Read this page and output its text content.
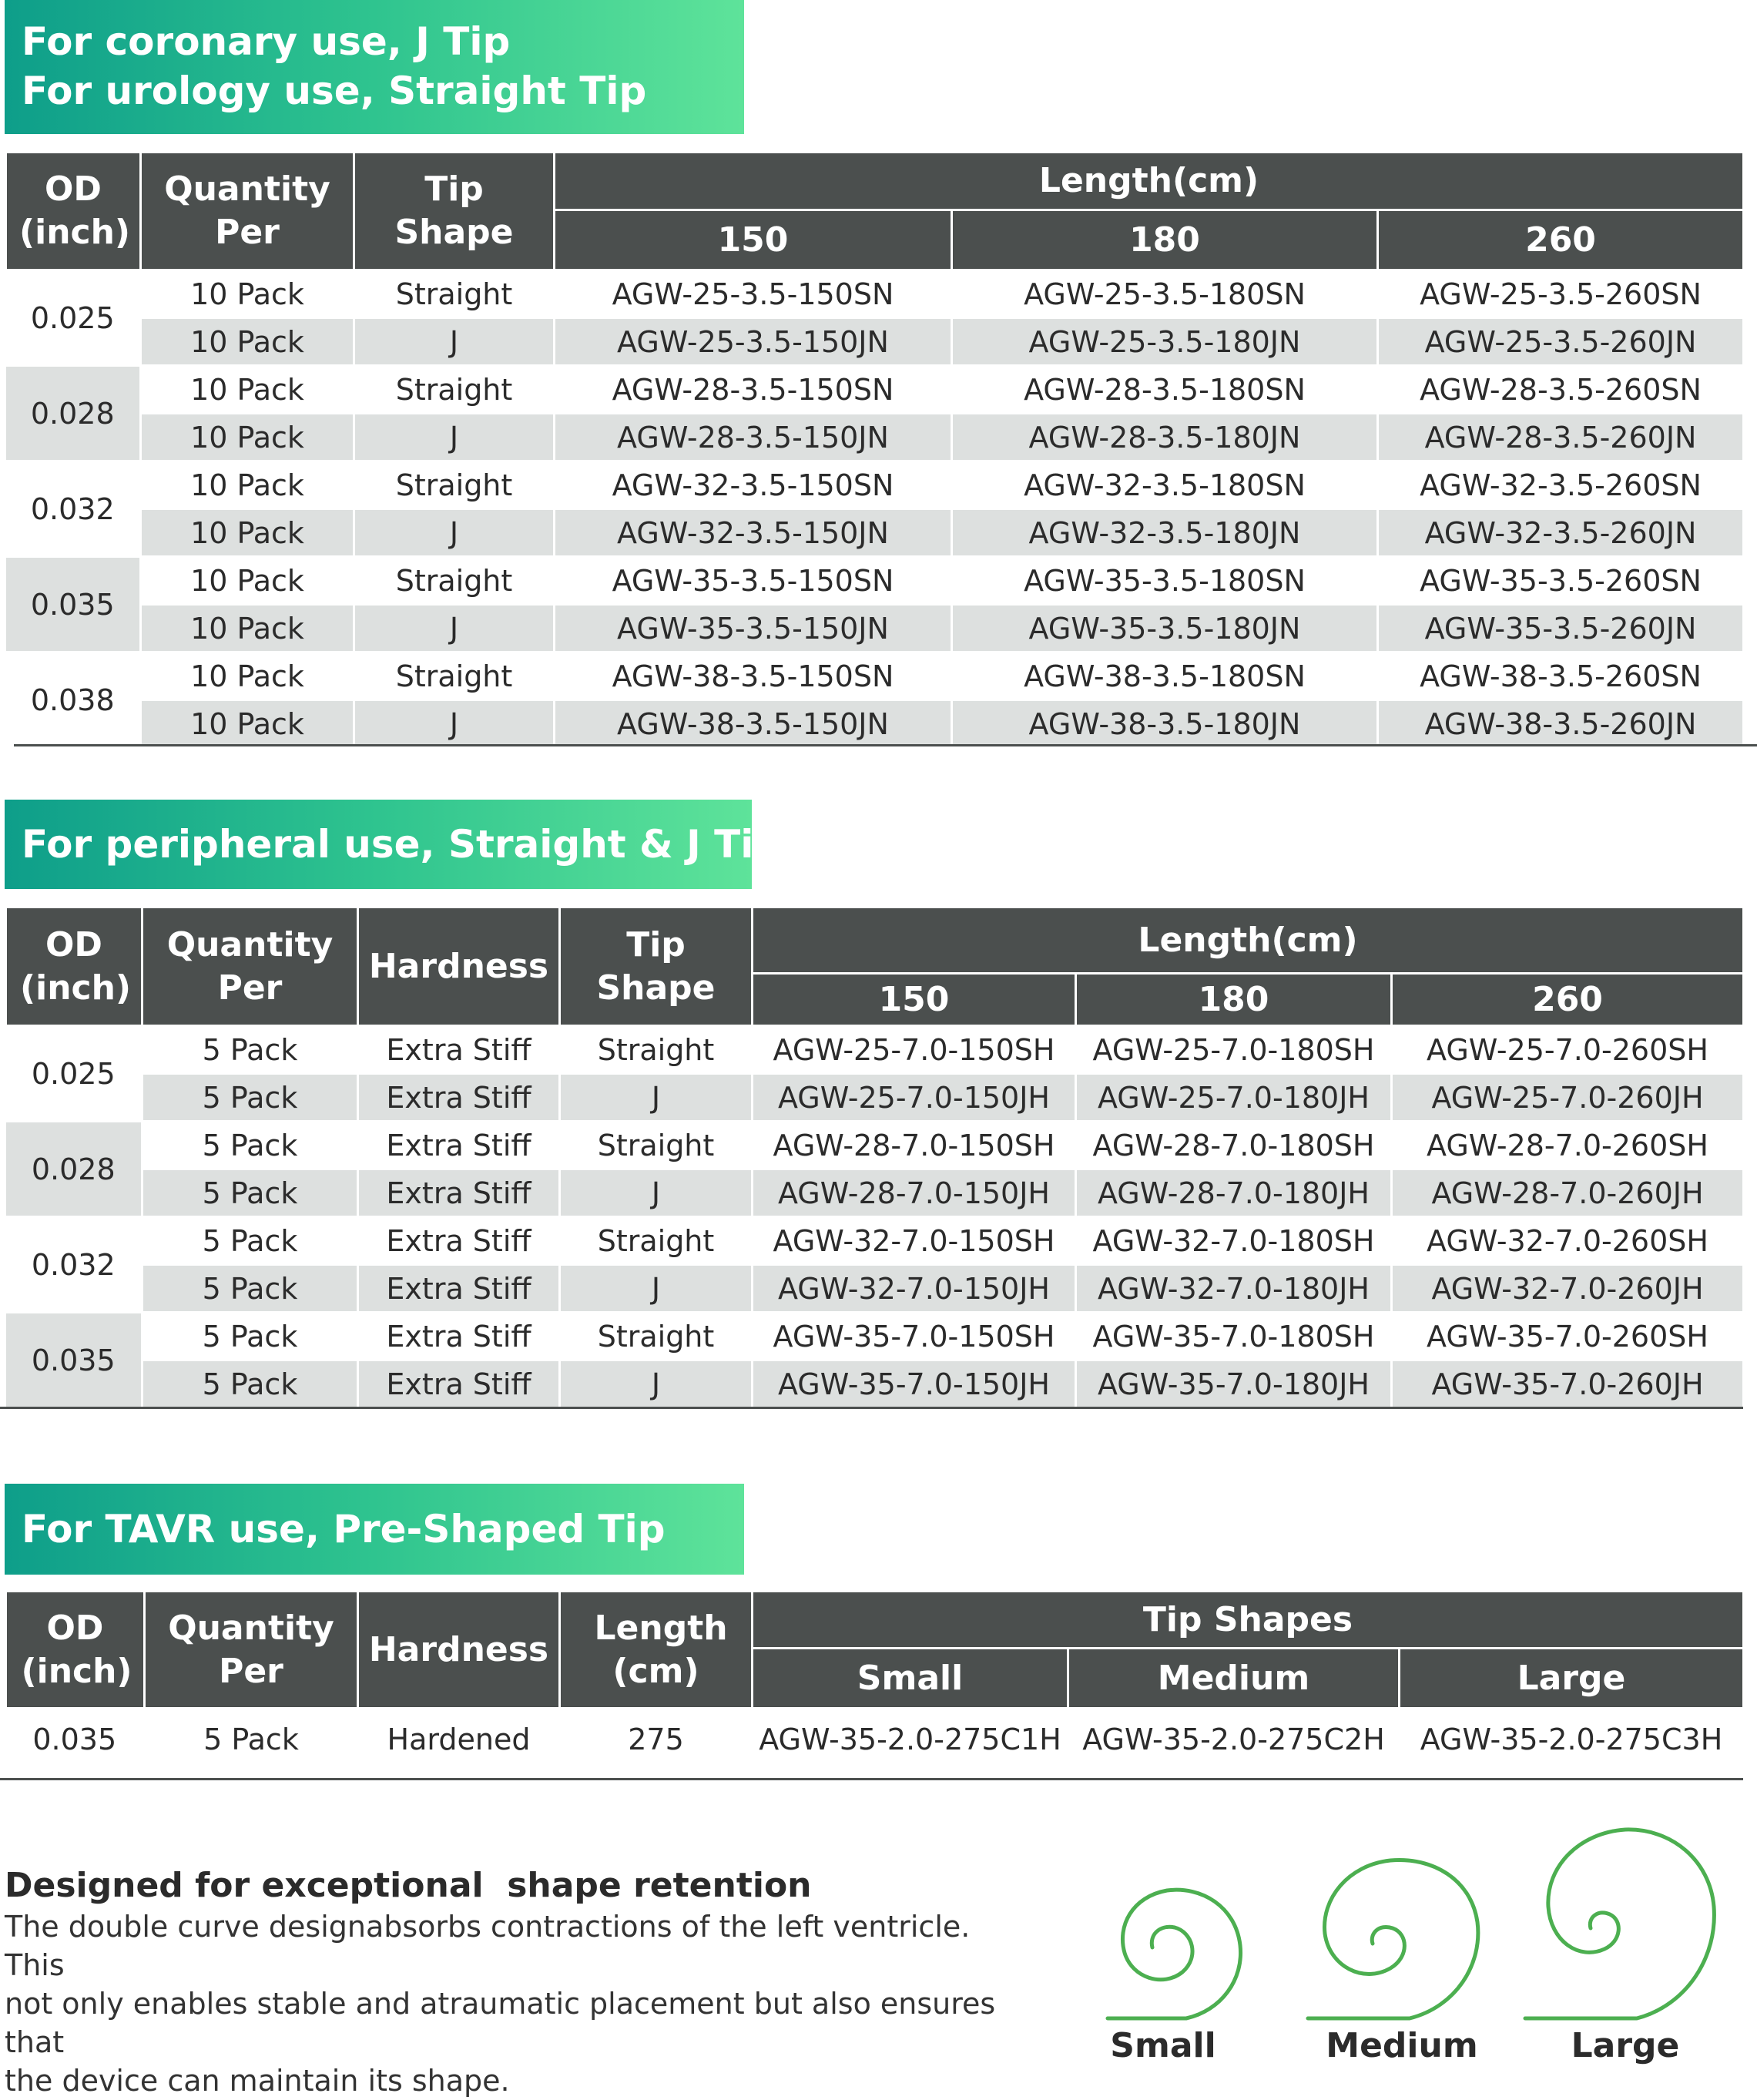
For coronary use, J Tip
For urology use, Straight Tip
OD (inch)	Quantity Per	Tip Shape	Length(cm)		
			150	180	260
0.025	10 Pack	Straight	AGW-25-3.5-150SN	AGW-25-3.5-180SN	AGW-25-3.5-260SN
	10 Pack	J	AGW-25-3.5-150JN	AGW-25-3.5-180JN	AGW-25-3.5-260JN
0.028	10 Pack	Straight	AGW-28-3.5-150SN	AGW-28-3.5-180SN	AGW-28-3.5-260SN
	10 Pack	J	AGW-28-3.5-150JN	AGW-28-3.5-180JN	AGW-28-3.5-260JN
0.032	10 Pack	Straight	AGW-32-3.5-150SN	AGW-32-3.5-180SN	AGW-32-3.5-260SN
	10 Pack	J	AGW-32-3.5-150JN	AGW-32-3.5-180JN	AGW-32-3.5-260JN
0.035	10 Pack	Straight	AGW-35-3.5-150SN	AGW-35-3.5-180SN	AGW-35-3.5-260SN
	10 Pack	J	AGW-35-3.5-150JN	AGW-35-3.5-180JN	AGW-35-3.5-260JN
0.038	10 Pack	Straight	AGW-38-3.5-150SN	AGW-38-3.5-180SN	AGW-38-3.5-260SN
	10 Pack	J	AGW-38-3.5-150JN	AGW-38-3.5-180JN	AGW-38-3.5-260JN
For peripheral use, Straight & J Tip
OD (inch)	Quantity Per	Hardness	Tip Shape	Length(cm)		
				150	180	260
0.025	5 Pack	Extra Stiff	Straight	AGW-25-7.0-150SH	AGW-25-7.0-180SH	AGW-25-7.0-260SH
	5 Pack	Extra Stiff	J	AGW-25-7.0-150JH	AGW-25-7.0-180JH	AGW-25-7.0-260JH
0.028	5 Pack	Extra Stiff	Straight	AGW-28-7.0-150SH	AGW-28-7.0-180SH	AGW-28-7.0-260SH
	5 Pack	Extra Stiff	J	AGW-28-7.0-150JH	AGW-28-7.0-180JH	AGW-28-7.0-260JH
0.032	5 Pack	Extra Stiff	Straight	AGW-32-7.0-150SH	AGW-32-7.0-180SH	AGW-32-7.0-260SH
	5 Pack	Extra Stiff	J	AGW-32-7.0-150JH	AGW-32-7.0-180JH	AGW-32-7.0-260JH
0.035	5 Pack	Extra Stiff	Straight	AGW-35-7.0-150SH	AGW-35-7.0-180SH	AGW-35-7.0-260SH
	5 Pack	Extra Stiff	J	AGW-35-7.0-150JH	AGW-35-7.0-180JH	AGW-35-7.0-260JH
For TAVR use, Pre-Shaped Tip
OD (inch)	Quantity Per	Hardness	Length (cm)	Tip Shapes		
				Small	Medium	Large
0.035	5 Pack	Hardened	275	AGW-35-2.0-275C1H	AGW-35-2.0-275C2H	AGW-35-2.0-275C3H
Designed for exceptional  shape retention
The double curve designabsorbs contractions of the left ventricle. This
not only enables stable and atraumatic placement but also ensures that
the device can maintain its shape.
Small	Medium	Large
